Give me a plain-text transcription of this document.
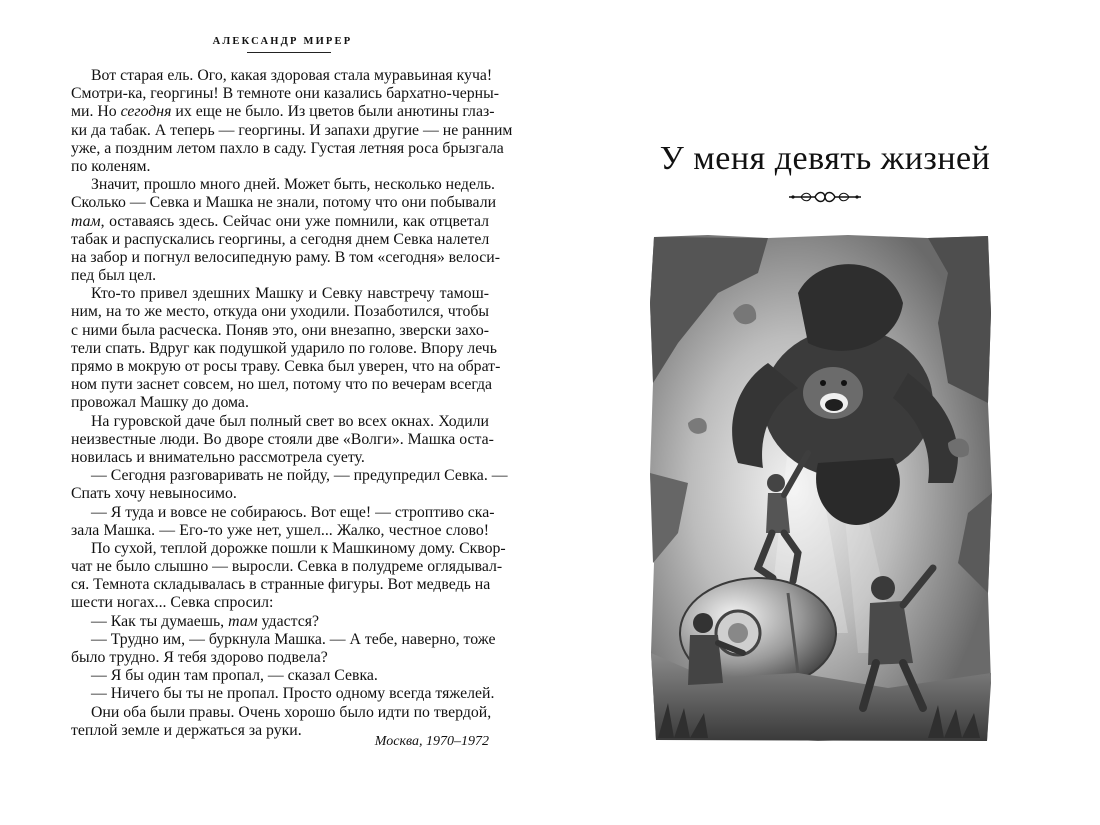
АЛЕКСАНДР МИРЕР
Вот старая ель. Ого, какая здоровая стала муравьиная куча!
Смотри-ка, георгины! В темноте они казались бархатно-черны-
ми. Но сегодня их еще не было. Из цветов были анютины глаз-
ки да табак. А теперь — георгины. И запахи другие — не ранним
уже, а поздним летом пахло в саду. Густая летняя роса брызгала
по коленям.
Значит, прошло много дней. Может быть, несколько недель.
Сколько — Севка и Машка не знали, потому что они побывали
там, оставаясь здесь. Сейчас они уже помнили, как отцветал
табак и распускались георгины, а сегодня днем Севка налетел
на забор и погнул велосипедную раму. В том «сегодня» велоси-
пед был цел.
Кто-то привел здешних Машку и Севку навстречу тамош-
ним, на то же место, откуда они уходили. Позаботился, чтобы
с ними была расческа. Поняв это, они внезапно, зверски захо-
тели спать. Вдруг как подушкой ударило по голове. Впору лечь
прямо в мокрую от росы траву. Севка был уверен, что на обрат-
ном пути заснет совсем, но шел, потому что по вечерам всегда
провожал Машку до дома.
На гуровской даче был полный свет во всех окнах. Ходили
неизвестные люди. Во дворе стояли две «Волги». Машка оста-
новилась и внимательно рассмотрела суету.
— Сегодня разговаривать не пойду, — предупредил Севка. —
Спать хочу невыносимо.
— Я туда и вовсе не собираюсь. Вот еще! — строптиво ска-
зала Машка. — Его-то уже нет, ушел... Жалко, честное слово!
По сухой, теплой дорожке пошли к Машкиному дому. Сквор-
чат не было слышно — выросли. Севка в полудреме оглядывал-
ся. Темнота складывалась в странные фигуры. Вот медведь на
шести ногах... Севка спросил:
— Как ты думаешь, там удастся?
— Трудно им, — буркнула Машка. — А тебе, наверно, тоже
было трудно. Я тебя здорово подвела?
— Я бы один там пропал, — сказал Севка.
— Ничего бы ты не пропал. Просто одному всегда тяжелей.
Они оба были правы. Очень хорошо было идти по твердой,
теплой земле и держаться за руки.
Москва, 1970–1972
У меня девять жизней
